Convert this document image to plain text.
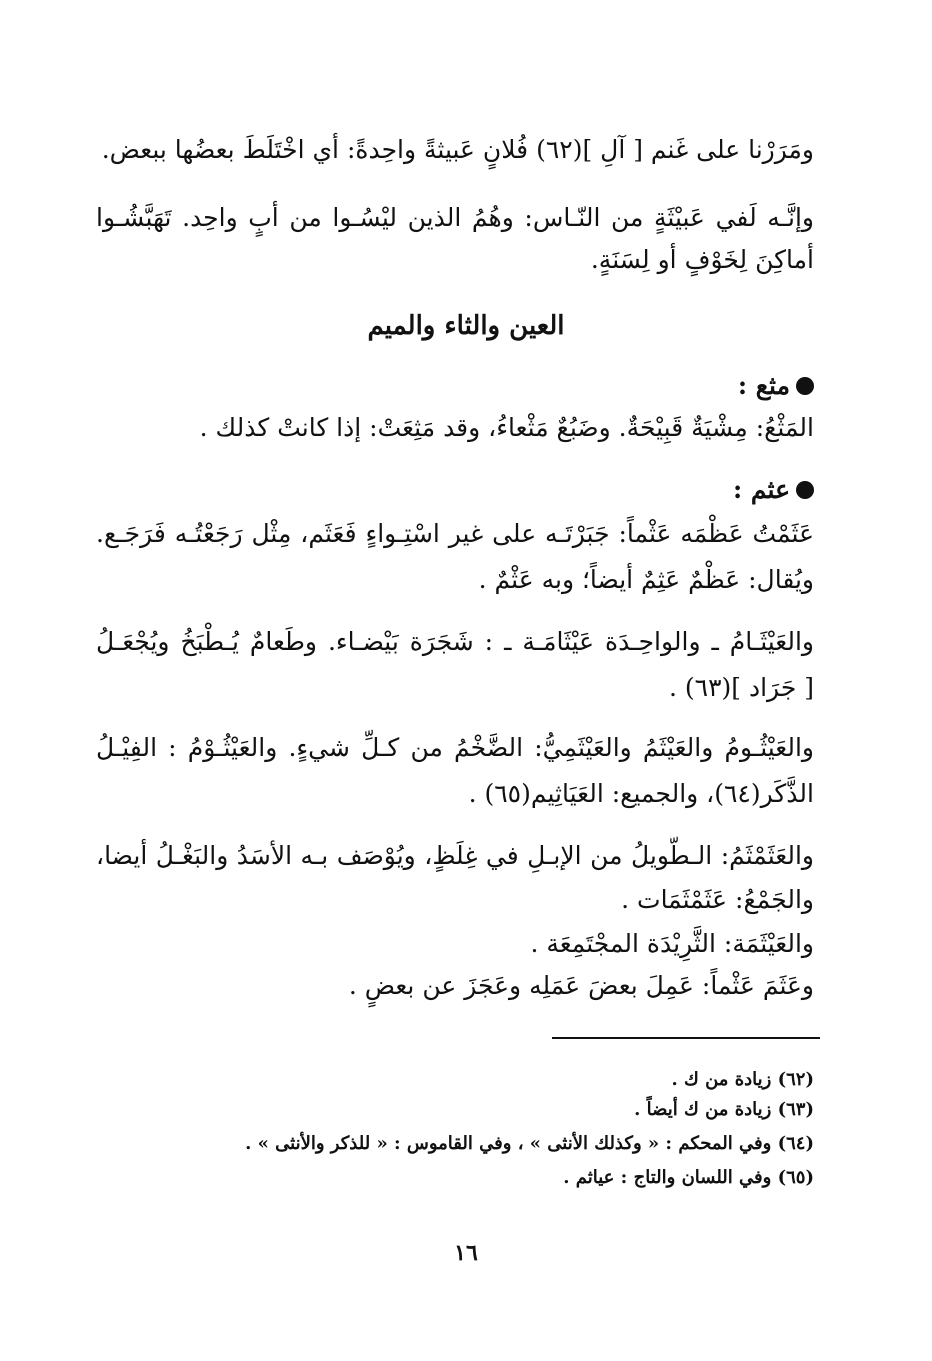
ومَرَرْنا على غَنم [ آلِ ](٦٢) فُلانٍ عَبيثةً واحِدةً: أي اخْتَلَطَ بعضُها ببعض.
وإنَّـه لَفي عَبيْثَةٍ من النّـاس: وهُمُ الذين ليْسُـوا من أبٍ واحِد. تَهَبَّشُـوا
أماكِنَ لِخَوْفٍ أو لِسَنَةٍ.
العين والثاء والميم
مثع :
المَثْعُ: مِشْيَةٌ قَبِيْحَةٌ. وضَبُعٌ مَثْعاءُ، وقد مَثِعَتْ: إذا كانتْ كذلك .
عثم :
عَثَمْتُ عَظْمَه عَثْماً: جَبَرْتَـه على غير اسْتِـواءٍ فَعَثَم، مِثْل رَجَعْتُـه فَرَجَـع.
ويُقال: عَظْمٌ عَثِمٌ أيضاً؛ وبه عَثْمٌ .
والعَيْثَـامُ ـ والواحِـدَة عَيْثَامَـة ـ : شَجَرَة بَيْضـاء. وطَعامٌ يُـطْبَخُ ويُجْعَـلُ
[ جَرَاد ](٦٣) .
والعَيْثُـومُ والعَيْثَمُ والعَيْثَمِيُّ: الضَّخْمُ من كـلِّ شيءٍ. والعَيْثُـوْمُ : الفِيْـلُ
الذَّكَر(٦٤)، والجميع: العَيَاثِيم(٦٥) .
والعَثَمْثَمُ: الـطَّويلُ من الإبـلِ في غِلَظٍ، ويُوْصَف بـه الأسَدُ والبَغْـلُ أيضا،
والجَمْعُ: عَثَمْثَمَات .
والعَيْثَمَة: الثَّرِيْدَة المجْتَمِعَة .
وعَثَمَ عَثْماً: عَمِلَ بعضَ عَمَلِه وعَجَزَ عن بعضٍ .
(٦٢) زيادة من ك .
(٦٣) زيادة من ك أيضاً .
(٦٤) وفي المحكم : « وكذلك الأنثى » ، وفي القاموس : « للذكر والأنثى » .
(٦٥) وفي اللسان والتاج : عياثم .
١٦
